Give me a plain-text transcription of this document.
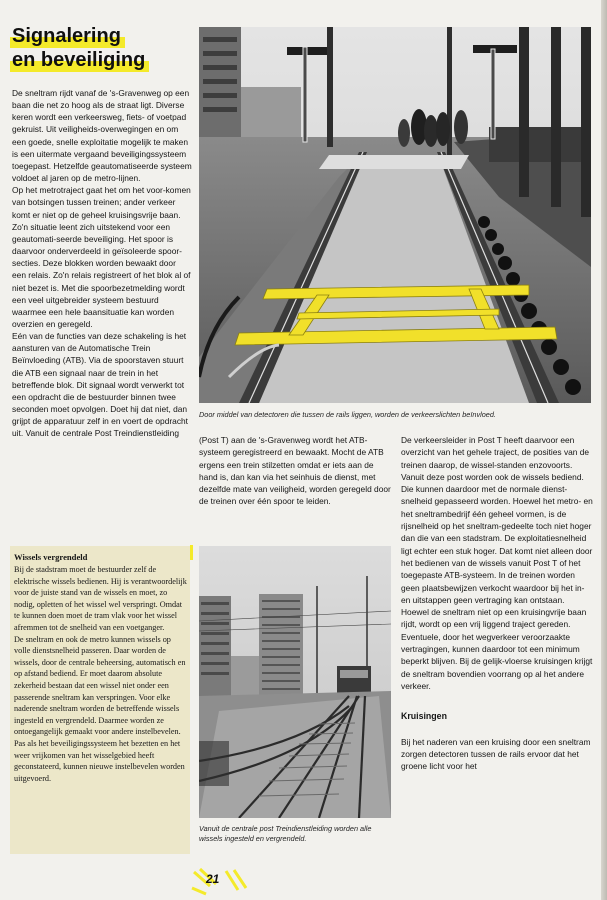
Signalering
en beveiliging

De sneltram rijdt vanaf de 's-Gravenweg op een baan die net zo hoog als de straat ligt. Diverse keren wordt een verkeersweg, fiets- of voetpad gekruist. Uit veiligheids-overwegingen en om een goede, snelle exploitatie mogelijk te maken is een uitermate vergaand beveiligingssysteem toegepast. Hetzelfde geautomatiseerde systeem voldoet al jaren op de metro-lijnen.

Op het metrotraject gaat het om het voor-komen van botsingen tussen treinen; ander verkeer komt er niet op de geheel kruisingsvrije baan. Zo'n situatie leent zich uitstekend voor een geautomati-seerde beveiliging. Het spoor is daarvoor onderverdeeld in geïsoleerde spoor-secties. Deze blokken worden bewaakt door een relais. Zo'n relais registreert of het blok al of niet bezet is. Met die spoorbezetmelding wordt een veel uitgebreider systeem bestuurd waarmee een hele baansituatie kan worden overzien en geregeld.

Eén van de functies van deze schakeling is het aansturen van de Automatische Trein Beïnvloeding (ATB). Via de spoorstaven stuurt die ATB een signaal naar de trein in het betreffende blok. Dit signaal wordt verwerkt tot een opdracht die de bestuurder binnen twee seconden moet opvolgen. Doet hij dat niet, dan grijpt de apparatuur zelf in en voert de opdracht uit. Vanuit de centrale Post Treindienstleiding

Door middel van detectoren die tussen de rails liggen, worden de verkeerslichten beïnvloed.
(Post T) aan de 's-Gravenweg wordt het ATB-systeem geregistreerd en bewaakt. Mocht de ATB ergens een trein stilzetten omdat er iets aan de hand is, dan kan via het seinhuis de dienst, met dezelfde mate van veiligheid, worden geregeld door de treinen over één spoor te leiden.

De verkeersleider in Post T heeft daarvoor een overzicht van het gehele traject, de posities van de treinen daarop, de wissel-standen enzovoorts. Vanuit deze post worden ook de wissels bediend. Die kunnen daardoor met de normale dienst-snelheid gepasseerd worden. Hoewel het metro- en het sneltrambedrijf één geheel vormen, is de rijsnelheid op het sneltram-gedeelte toch niet hoger dan die van een stadstram. De exploitatiesnelheid ligt echter een stuk hoger. Dat komt niet alleen door het bedienen van de wissels vanuit Post T of het toegepaste ATB-systeem. In de treinen worden geen plaatsbewijzen verkocht waardoor bij het in- en uitstappen geen vertraging kan ontstaan. Hoewel de sneltram niet op een kruisingvrije baan rijdt, wordt op een vrij liggend traject gereden. Eventuele, door het wegverkeer veroorzaakte vertragingen, kunnen daardoor tot een minimum beperkt blijven. Bij de gelijk-vloerse kruisingen krijgt de sneltram bovendien voorrang op al het andere verkeer.

Kruisingen

Bij het naderen van een kruising door een sneltram zorgen detectoren tussen de rails ervoor dat het groene licht voor het

Wissels vergrendeld

Bij de stadstram moet de bestuurder zelf de elektrische wissels bedienen. Hij is verantwoordelijk voor de juiste stand van de wissels en moet, zo nodig, opletten of het wissel wel verspringt. Omdat te kunnen doen moet de tram vlak voor het wissel afremmen tot de snelheid van een voetganger.

De sneltram en ook de metro kunnen wissels op volle dienstsnelheid passeren. Daar worden de wissels, door de centrale beheersing, automatisch en op afstand bediend. Er moet daarom absolute zekerheid bestaan dat een wissel niet onder een passerende sneltram kan verspringen. Voor elke naderende sneltram worden de betreffende wissels ingesteld en vergrendeld. Daarmee worden ze ontoegangelijk gemaakt voor andere instelbevelen. Pas als het beveiligingssysteem het bezetten en het weer vrijkomen van het wisselgebied heeft geconstateerd, kunnen nieuwe instelbevelen worden uitgevoerd.

Vanuit de centrale post Treindienstleiding worden alle wissels ingesteld en vergrendeld.
21
